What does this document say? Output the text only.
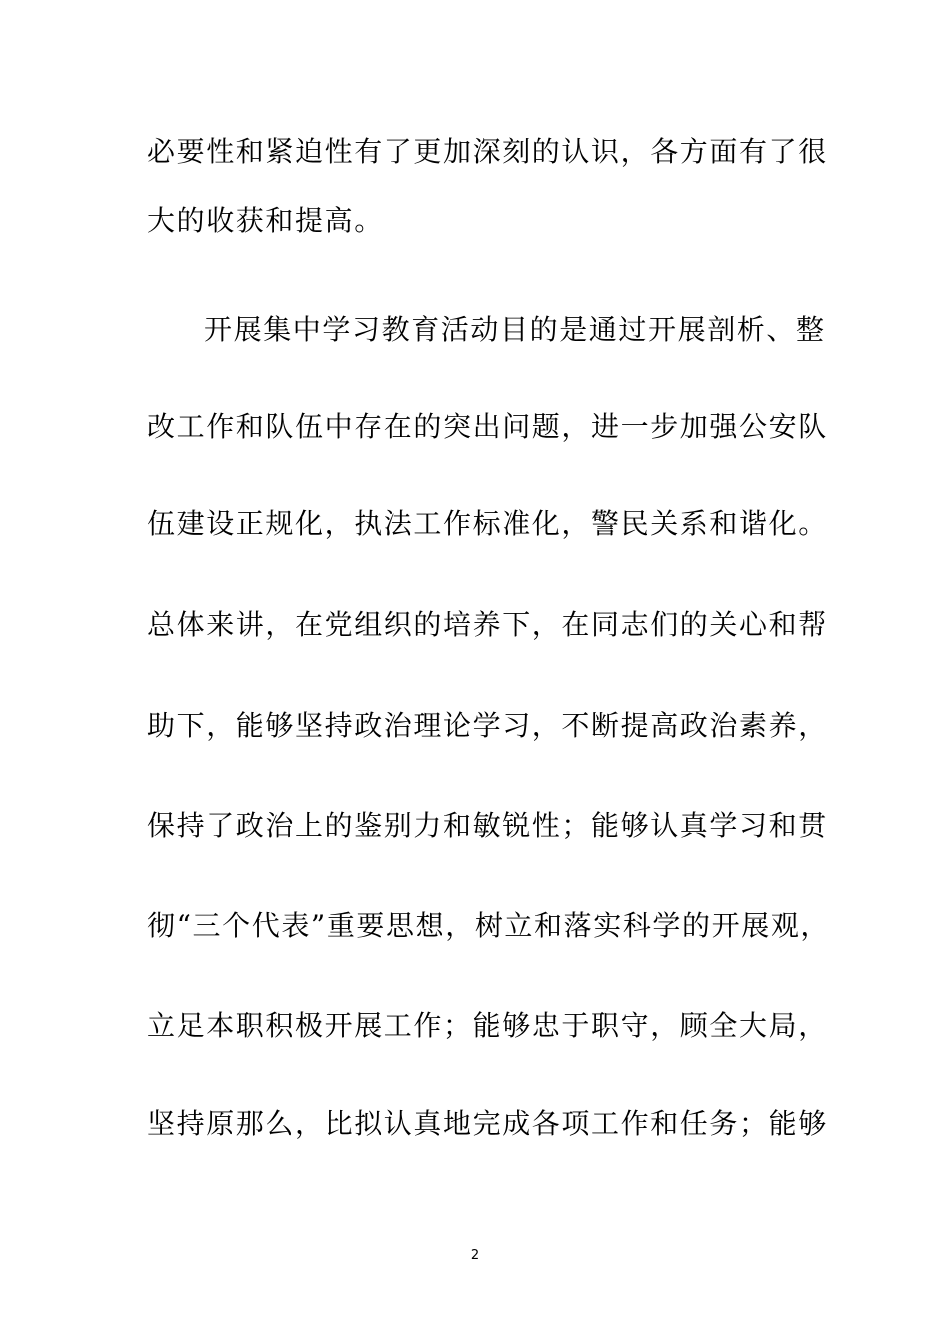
必要性和紧迫性有了更加深刻的认识，各方面有了很
大的收获和提高。
开展集中学习教育活动目的是通过开展剖析、整
改工作和队伍中存在的突出问题，进一步加强公安队
伍建设正规化，执法工作标准化，警民关系和谐化。
总体来讲，在党组织的培养下，在同志们的关心和帮
助下，能够坚持政治理论学习，不断提高政治素养，
保持了政治上的鉴别力和敏锐性；能够认真学习和贯
彻“三个代表”重要思想，树立和落实科学的开展观，
立足本职积极开展工作；能够忠于职守，顾全大局，
坚持原那么，比拟认真地完成各项工作和任务；能够
2
